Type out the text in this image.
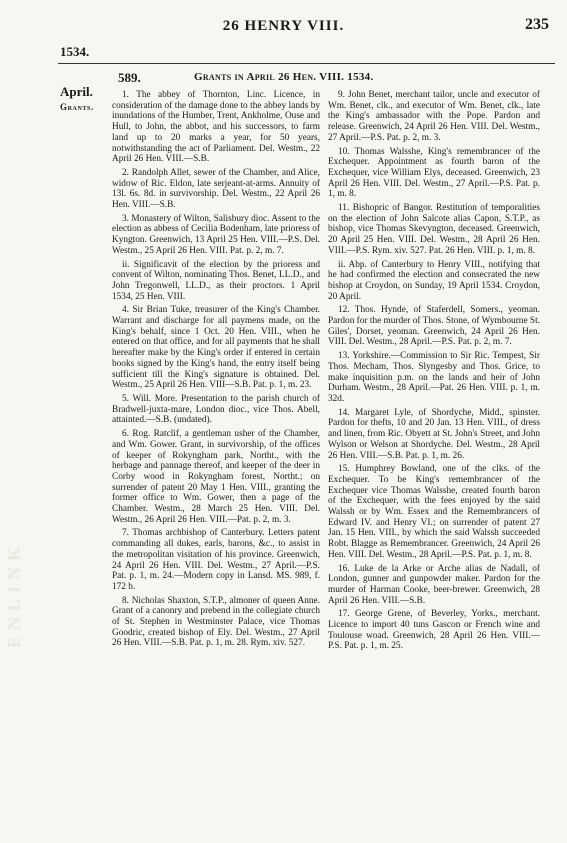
26 HENRY VIII.	235
1534.
April.
Grants.
589.	Grants in April 26 Hen. VIII. 1534.
ENLINK

1. The abbey of Thornton, Linc. Licence, in consideration of the damage done to the abbey lands by inundations of the Humber, Trent, Ankholme, Ouse and Hull, to John, the abbot, and his successors, to farm land up to 20 marks a year, for 50 years, notwithstanding the act of Parliament. Del. Westm., 22 April 26 Hen. VIII.—S.B.

2. Randolph Allet, sewer of the Chamber, and Alice, widow of Ric. Eldon, late serjeant-at-arms. Annuity of 13l. 6s. 8d. in survivorship. Del. Westm., 22 April 26 Hen. VIII.—S.B.

3. Monastery of Wilton, Salisbury dioc. Assent to the election as abbess of Cecilia Bodenham, late prioress of Kyngton. Greenwich, 13 April 25 Hen. VIII.—P.S. Del. Westm., 25 April 26 Hen. VIII. Pat. p. 2, m. 7.

ii. Significavit of the election by the prioress and convent of Wilton, nominating Thos. Benet, LL.D., and John Tregonwell, LL.D., as their proctors. 1 April 1534, 25 Hen. VIII.

4. Sir Brian Tuke, treasurer of the King's Chamber. Warrant and discharge for all paymens made, on the King's behalf, since 1 Oct. 20 Hen. VIII., when he entered on that office, and for all payments that he shall hereafter make by the King's order if entered in certain books signed by the King's hand, the entry itself being sufficient till the King's signature is obtained. Del. Westm., 25 April 26 Hen. VIII—S.B. Pat. p. 1, m. 23.

5. Will. More. Presentation to the parish church of Bradwell-juxta-mare, London dioc., vice Thos. Abell, attainted.—S.B. (undated).

6. Rog. Ratclif, a gentleman usher of the Chamber, and Wm. Gower. Grant, in survivorship, of the offices of keeper of Rokyngham park, Northt., with the herbage and pannage thereof, and keeper of the deer in Corby wood in Rokyngham forest, Northt.; on surrender of patent 20 May 1 Hen. VIII., granting the former office to Wm. Gower, then a page of the Chamber. Westm., 28 March 25 Hen. VIII. Del. Westm., 26 April 26 Hen. VIII.—Pat. p. 2, m. 3.

7. Thomas archbishop of Canterbury. Letters patent commanding all dukes, earls, barons, &c., to assist in the metropolitan visitation of his province. Greenwich, 24 April 26 Hen. VIII. Del. Westm., 27 April.—P.S. Pat. p. 1, m. 24.—Modern copy in Lansd. MS. 989, f. 172 b.

8. Nicholas Shaxton, S.T.P., almoner of queen Anne. Grant of a canonry and prebend in the collegiate church of St. Stephen in Westminster Palace, vice Thomas Goodric, created bishop of Ely. Del. Westm., 27 April 26 Hen. VIII.—S.B. Pat. p. 1, m. 28. Rym. xiv. 527.

9. John Benet, merchant tailor, uncle and executor of Wm. Benet, clk., and executor of Wm. Benet, clk., late the King's ambassador with the Pope. Pardon and release. Greenwich, 24 April 26 Hen. VIII. Del. Westm., 27 April.—P.S. Pat. p. 2, m. 3.

10. Thomas Walsshe, King's remembrancer of the Exchequer. Appointment as fourth baron of the Exchequer, vice William Elys, deceased. Greenwich, 23 April 26 Hen. VIII. Del. Westm., 27 April.—P.S. Pat. p. 1, m. 8.

11. Bishopric of Bangor. Restitution of temporalities on the election of John Salcote alias Capon, S.T.P., as bishop, vice Thomas Skevyngton, deceased. Greenwich, 20 April 25 Hen. VIII. Del. Westm., 28 April 26 Hen. VIII.—P.S. Rym. xiv. 527. Pat. 26 Hen. VIII. p. 1, m. 8.

ii. Abp. of Canterbury to Henry VIII., notifying that he had confirmed the election and consecrated the new bishop at Croydon, on Sunday, 19 April 1534. Croydon, 20 April.

12. Thos. Hynde, of Staferdell, Somers., yeoman. Pardon for the murder of Thos. Stone, of Wymbourne St. Giles', Dorset, yeoman. Greenwich, 24 April 26 Hen. VIII. Del. Westm., 28 April.—P.S. Pat. p. 2, m. 7.

13. Yorkshire.—Commission to Sir Ric. Tempest, Sir Thos. Mecham, Thos. Slyngesby and Thos. Grice, to make inquisition p.m. on the lands and heir of John Durham. Westm., 28 April.—Pat. 26 Hen. VIII. p. 1, m. 32d.

14. Margaret Lyle, of Shordyche, Midd., spinster. Pardon for thefts, 10 and 20 Jan. 13 Hen. VIII., of dress and linen, from Ric. Obyett at St. John's Street, and John Wylson or Welson at Shordyche. Del. Westm., 28 April 26 Hen. VIII.—S.B. Pat. p. 1, m. 26.

15. Humphrey Bowland, one of the clks. of the Exchequer. To be King's remembrancer of the Exchequer vice Thomas Walsshe, created fourth baron of the Exchequer, with the fees enjoyed by the said Walssh or by Wm. Essex and the Remembrancers of Edward IV. and Henry VI.; on surrender of patent 27 Jan. 15 Hen. VIII., by which the said Walssh succeeded Robt. Blagge as Remembrancer. Greenwich, 24 April 26 Hen. VIII. Del. Westm., 28 April.—P.S. Pat. p. 1, m. 8.

16. Luke de la Arke or Arche alias de Nadall, of London, gunner and gunpowder maker. Pardon for the murder of Harman Cooke, beer-brewer. Greenwich, 28 April 26 Hen. VIII.—S.B.

17. George Grene, of Beverley, Yorks., merchant. Licence to import 40 tuns Gascon or French wine and Toulouse woad. Greenwich, 28 April 26 Hen. VIII.—P.S. Pat. p. 1, m. 25.
